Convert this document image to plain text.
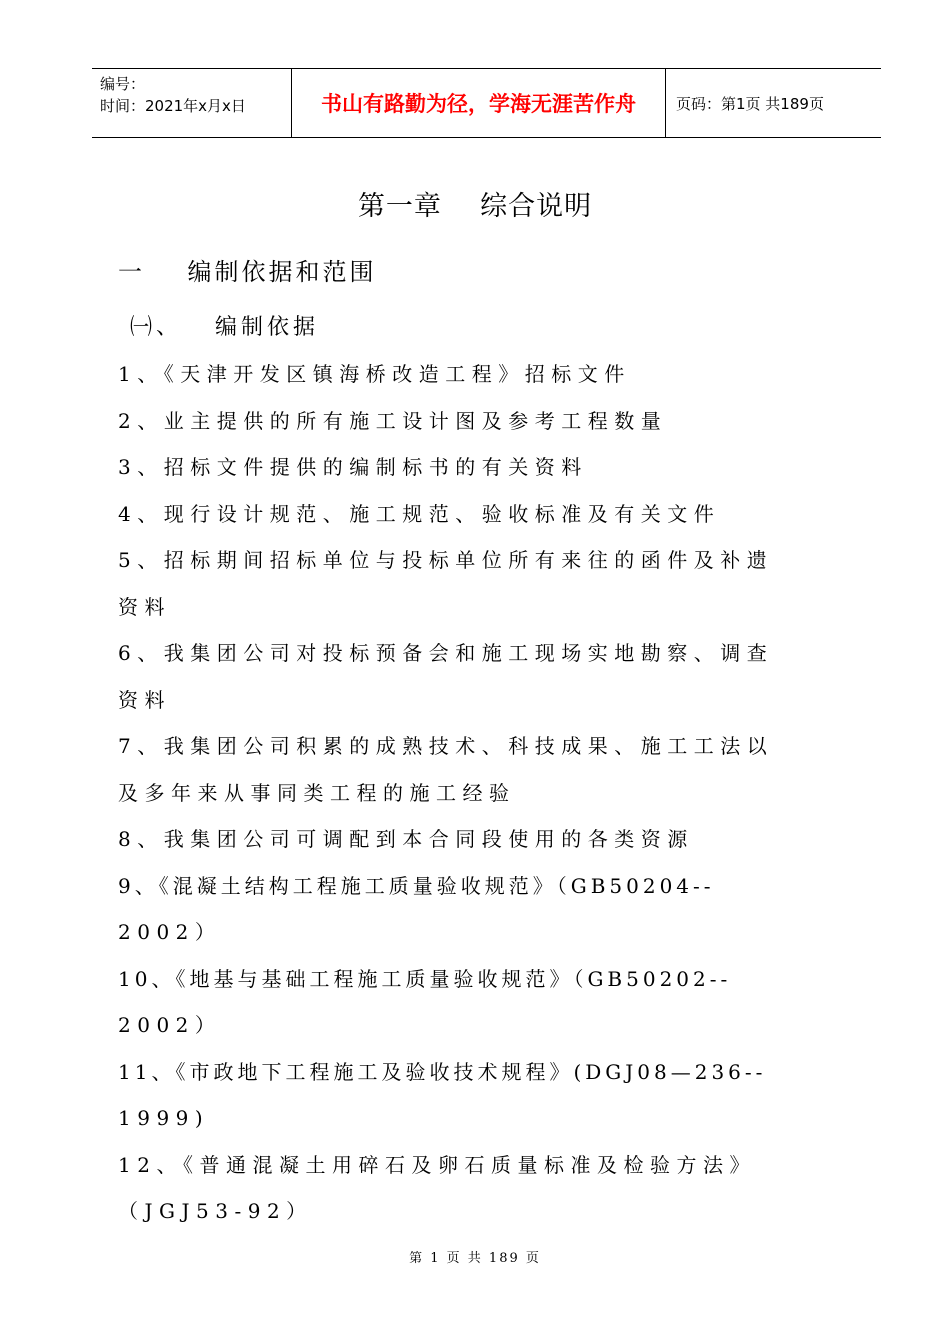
编号：
时间：2021年x月x日	书山有路勤为径，学海无涯苦作舟	页码：第1页 共189页
第一章    综合说明
一    编制依据和范围
㈠、   编制依据
1、《天津开发区镇海桥改造工程》招标文件
2、业主提供的所有施工设计图及参考工程数量
3、招标文件提供的编制标书的有关资料
4、现行设计规范、施工规范、验收标准及有关文件
5、招标期间招标单位与投标单位所有来往的函件及补遗
资料
6、我集团公司对投标预备会和施工现场实地勘察、调查
资料
7、我集团公司积累的成熟技术、科技成果、施工工法以
及多年来从事同类工程的施工经验
8、我集团公司可调配到本合同段使用的各类资源
9、《混凝土结构工程施工质量验收规范》（GB50204--
2002）
10、《地基与基础工程施工质量验收规范》（GB50202--
2002）
11、《市政地下工程施工及验收技术规程》(DGJ08—236--
1999)
12、《普通混凝土用碎石及卵石质量标准及检验方法》
（JGJ53-92）
第 1 页 共 189 页
